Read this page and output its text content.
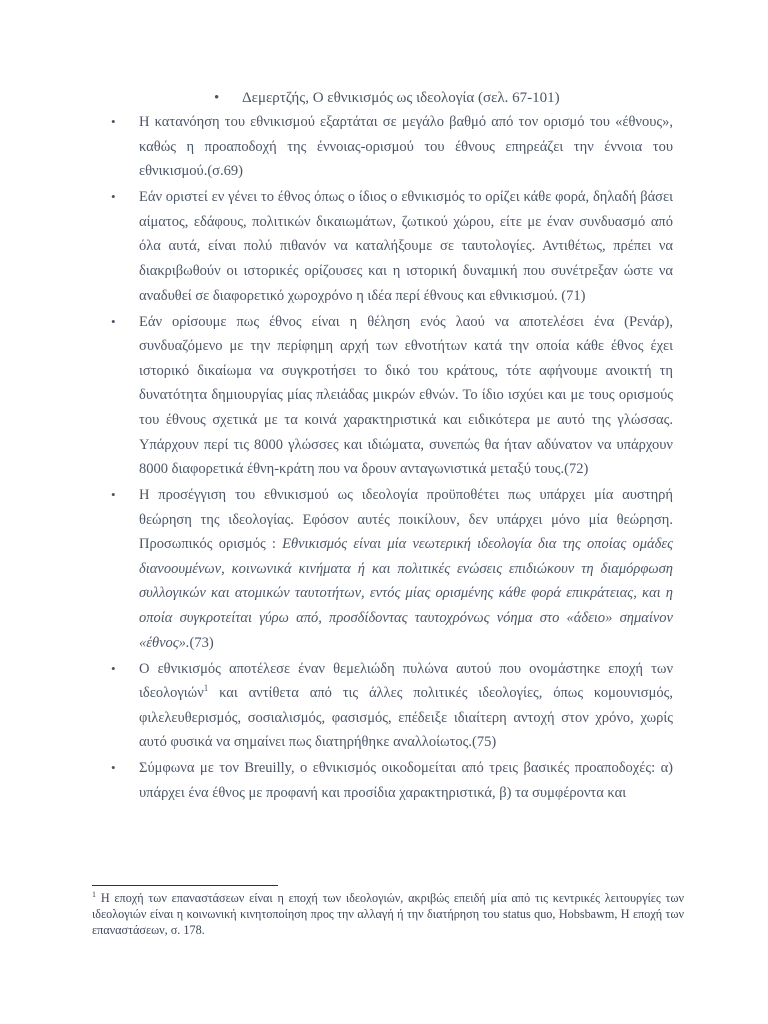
• Δεμερτζής, Ο εθνικισμός ως ιδεολογία (σελ. 67-101)
•	Η κατανόηση του εθνικισμού εξαρτάται σε μεγάλο βαθμό από τον ορισμό του «έθνους», καθώς η προαποδοχή της έννοιας-ορισμού του έθνους επηρεάζει την έννοια του εθνικισμού.(σ.69)
•	Εάν οριστεί εν γένει το έθνος όπως ο ίδιος ο εθνικισμός το ορίζει κάθε φορά, δηλαδή βάσει αίματος, εδάφους, πολιτικών δικαιωμάτων, ζωτικού χώρου, είτε με έναν συνδυασμό από όλα αυτά, είναι πολύ πιθανόν να καταλήξουμε σε ταυτολογίες. Αντιθέτως, πρέπει να διακριβωθούν οι ιστορικές ορίζουσες και η ιστορική δυναμική που συνέτρεξαν ώστε να αναδυθεί σε διαφορετικό χωροχρόνο η ιδέα περί έθνους και εθνικισμού. (71)
•	Εάν ορίσουμε πως έθνος είναι η θέληση ενός λαού να αποτελέσει ένα (Ρενάρ), συνδυαζόμενο με την περίφημη αρχή των εθνοτήτων κατά την οποία κάθε έθνος έχει ιστορικό δικαίωμα να συγκροτήσει το δικό του κράτους, τότε αφήνουμε ανοικτή τη δυνατότητα δημιουργίας μίας πλειάδας μικρών εθνών. Το ίδιο ισχύει και με τους ορισμούς του έθνους σχετικά με τα κοινά χαρακτηριστικά και ειδικότερα με αυτό της γλώσσας. Υπάρχουν περί τις 8000 γλώσσες και ιδιώματα, συνεπώς θα ήταν αδύνατον να υπάρχουν 8000 διαφορετικά έθνη-κράτη που να δρουν ανταγωνιστικά μεταξύ τους.(72)
•	Η προσέγγιση του εθνικισμού ως ιδεολογία προϋποθέτει πως υπάρχει μία αυστηρή θεώρηση της ιδεολογίας. Εφόσον αυτές ποικίλουν, δεν υπάρχει μόνο μία θεώρηση. Προσωπικός ορισμός : Εθνικισμός είναι μία νεωτερική ιδεολογία δια της οποίας ομάδες διανοουμένων, κοινωνικά κινήματα ή και πολιτικές ενώσεις επιδιώκουν τη διαμόρφωση συλλογικών και ατομικών ταυτοτήτων, εντός μίας ορισμένης κάθε φορά επικράτειας, και η οποία συγκροτείται γύρω από, προσδίδοντας ταυτοχρόνως νόημα στο «άδειο» σημαίνον «έθνος».(73)
•	Ο εθνικισμός αποτέλεσε έναν θεμελιώδη πυλώνα αυτού που ονομάστηκε εποχή των ιδεολογιών$^1$ και αντίθετα από τις άλλες πολιτικές ιδεολογίες, όπως κομουνισμός, φιλελευθερισμός, σοσιαλισμός, φασισμός, επέδειξε ιδιαίτερη αντοχή στον χρόνο, χωρίς αυτό φυσικά να σημαίνει πως διατηρήθηκε αναλλοίωτος.(75)
•	Σύμφωνα με τον Breuilly, ο εθνικισμός οικοδομείται από τρεις βασικές προαποδοχές: α) υπάρχει ένα έθνος με προφανή και προσίδια χαρακτηριστικά, β) τα συμφέροντα και
$^1$ Η εποχή των επαναστάσεων είναι η εποχή των ιδεολογιών, ακριβώς επειδή μία από τις κεντρικές λειτουργίες των ιδεολογιών είναι η κοινωνική κινητοποίηση προς την αλλαγή ή την διατήρηση του status quo, Hobsbawm, Η εποχή των επαναστάσεων, σ. 178.
